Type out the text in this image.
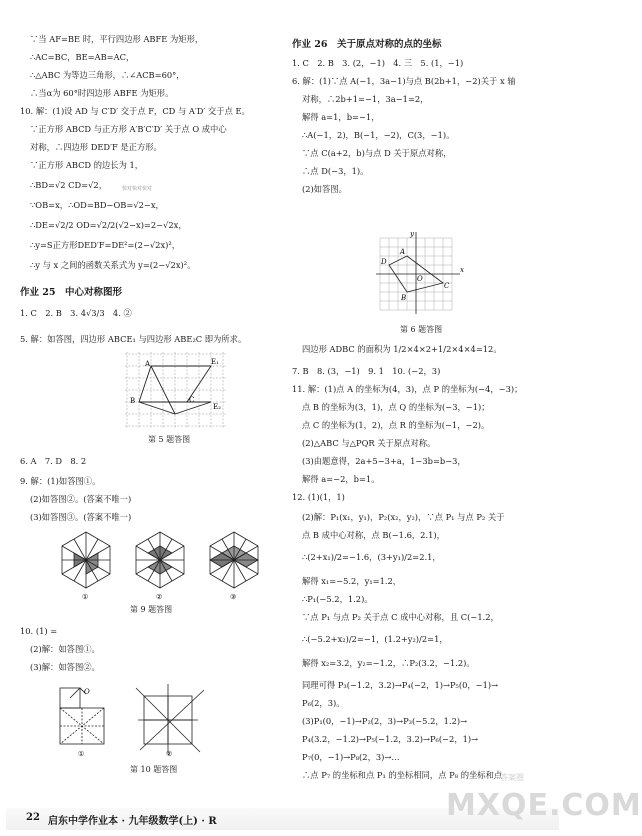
∵当 AF=BE 时，平行四边形 ABFE 为矩形，
∴AC=BC，BE=AB=AC，
∴△ABC 为等边三角形，∴∠ACB=60°，
∴当α为 60°时四边形 ABFE 为矩形。
10. 解：(1)设 AD 与 C′D′ 交于点 F，CD 与 A′D′ 交于点 E。
∵正方形 ABCD 与正方形 A′B′C′D′ 关于点 O 成中心
对称，∴四边形 DED′F 是正方形。
∵正方形 ABCD 的边长为 1，
∴BD=√2 CD=√2，
∵OB=x，∴OD=BD−OB=√2−x，
∴DE=√2/2 OD=√2/2(√2−x)=2−√2x，
∴y=S正方形DED′F=DE²=(2−√2x)²，
∴y 与 x 之间的函数关系式为 y=(2−√2x)²。
作业 25　中心对称图形
1. C　2. B　3. 4√3/3　4. ②
5. 解：如答图，四边形 ABCE₁ 与四边形 ABE₂C 即为所求。
A	E₁
B	C
E₂
第 5 题答图
6. A　7. D　8. 2
9. 解：(1)如答图①。
(2)如答图②。(答案不唯一)
(3)如答图③。(答案不唯一)
①	②	③
第 9 题答图
10. (1) =
(2)解：如答图①。
(3)解：如答图②。
O
①	②
第 10 题答图
快对快对快对
作业 26　关于原点对称的点的坐标
1. C　2. B　3. (2，−1)　4. 三　5. (1，−1)
6. 解：(1)∵点 A(−1，3a−1)与点 B(2b+1，−2)关于 x 轴
对称，∴2b+1=−1，3a−1=2，
解得 a=1，b=−1，
∴A(−1，2)，B(−1，−2)，C(3，−1)。
∵点 C(a+2，b)与点 D 关于原点对称，
∴点 D(−3，1)。
(2)如答图。
y
x
A
D
O
C
B
第 6 题答图
四边形 ADBC 的面积为 1/2×4×2+1/2×4×4=12。
7. B　8. (3，−1)　9. 1　10. (−2，3)
11. 解：(1)点 A 的坐标为(4，3)，点 P 的坐标为(−4，−3)；
点 B 的坐标为(3，1)，点 Q 的坐标为(−3，−1)；
点 C 的坐标为(1，2)，点 R 的坐标为(−1，−2)。
(2)△ABC 与△PQR 关于原点对称。
(3)由题意得，2a+5−3+a，1−3b=b−3，
解得 a=−2，b=1。
12. (1)(1，1)
(2)解：P₁(x₁，y₁)，P₂(x₂，y₂)，∵点 P₁ 与点 P₂ 关于
点 B 成中心对称，点 B(−1.6，2.1)，
∴(2+x₁)/2=−1.6，(3+y₁)/2=2.1，
解得 x₁=−5.2，y₁=1.2，
∴P₁(−5.2，1.2)。
∵点 P₁ 与点 P₂ 关于点 C 成中心对称，且 C(−1.2，
∴(−5.2+x₂)/2=−1，(1.2+y₂)/2=1，
解得 x₂=3.2，y₂=−1.2，∴P₂(3.2，−1.2)。
同理可得 P₃(−1.2，3.2)→P₄(−2，1)→P₅(0，−1)→
P₆(2，3)。
(3)P₁(0，−1)→P₂(2，3)→P₃(−5.2，1.2)→
P₄(3.2，−1.2)→P₅(−1.2，3.2)→P₆(−2，1)→
P₇(0，−1)→P₈(2，3)→…
∴点 P₇ 的坐标和点 P₁ 的坐标相同，点 P₈ 的坐标和点
22 启东中学作业本 · 九年级数学(上) · R
答案圈
MXQE.COM
